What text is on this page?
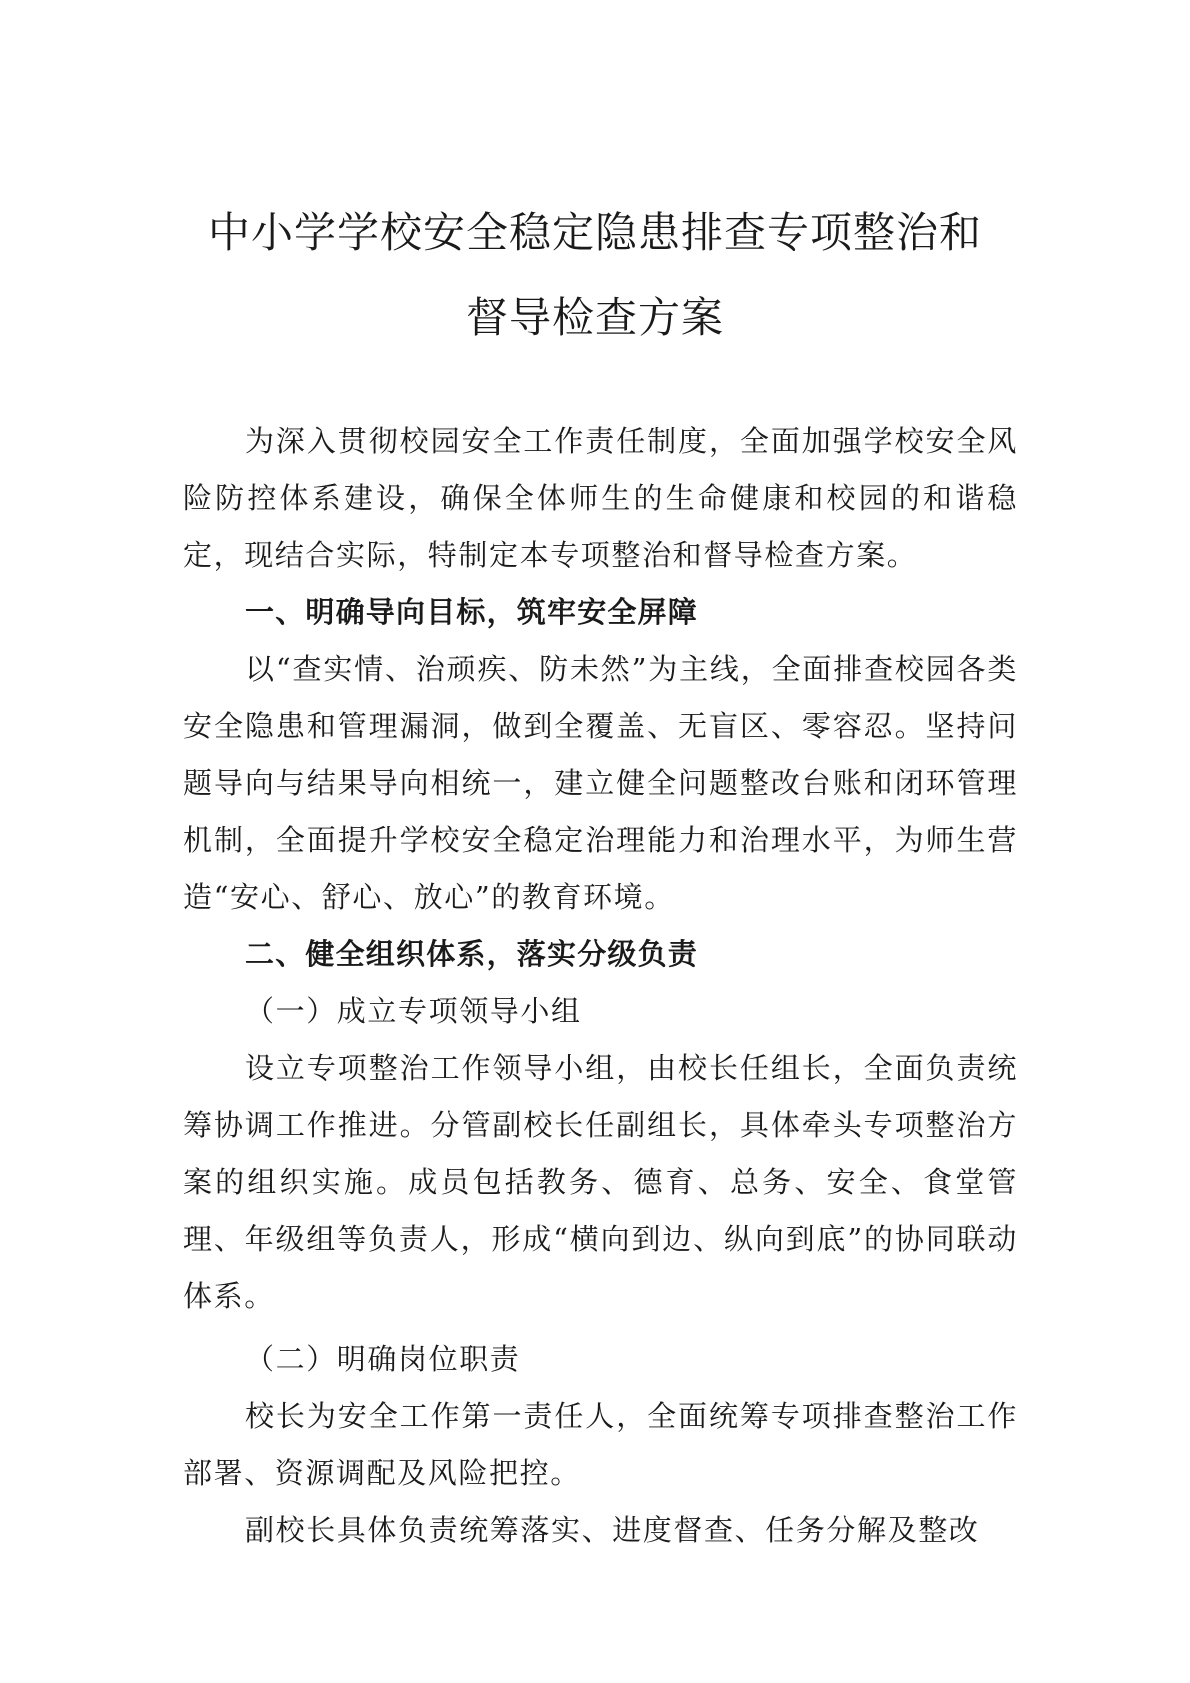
中小学学校安全稳定隐患排查专项整治和
督导检查方案

为深入贯彻校园安全工作责任制度，全面加强学校安全风险防控体系建设，确保全体师生的生命健康和校园的和谐稳定，现结合实际，特制定本专项整治和督导检查方案。

一、明确导向目标，筑牢安全屏障

以“查实情、治顽疾、防未然”为主线，全面排查校园各类安全隐患和管理漏洞，做到全覆盖、无盲区、零容忍。坚持问题导向与结果导向相统一，建立健全问题整改台账和闭环管理机制，全面提升学校安全稳定治理能力和治理水平，为师生营造“安心、舒心、放心”的教育环境。

二、健全组织体系，落实分级负责

（一）成立专项领导小组

设立专项整治工作领导小组，由校长任组长，全面负责统筹协调工作推进。分管副校长任副组长，具体牵头专项整治方案的组织实施。成员包括教务、德育、总务、安全、食堂管理、年级组等负责人，形成“横向到边、纵向到底”的协同联动体系。

（二）明确岗位职责

校长为安全工作第一责任人，全面统筹专项排查整治工作部署、资源调配及风险把控。

副校长具体负责统筹落实、进度督查、任务分解及整改
